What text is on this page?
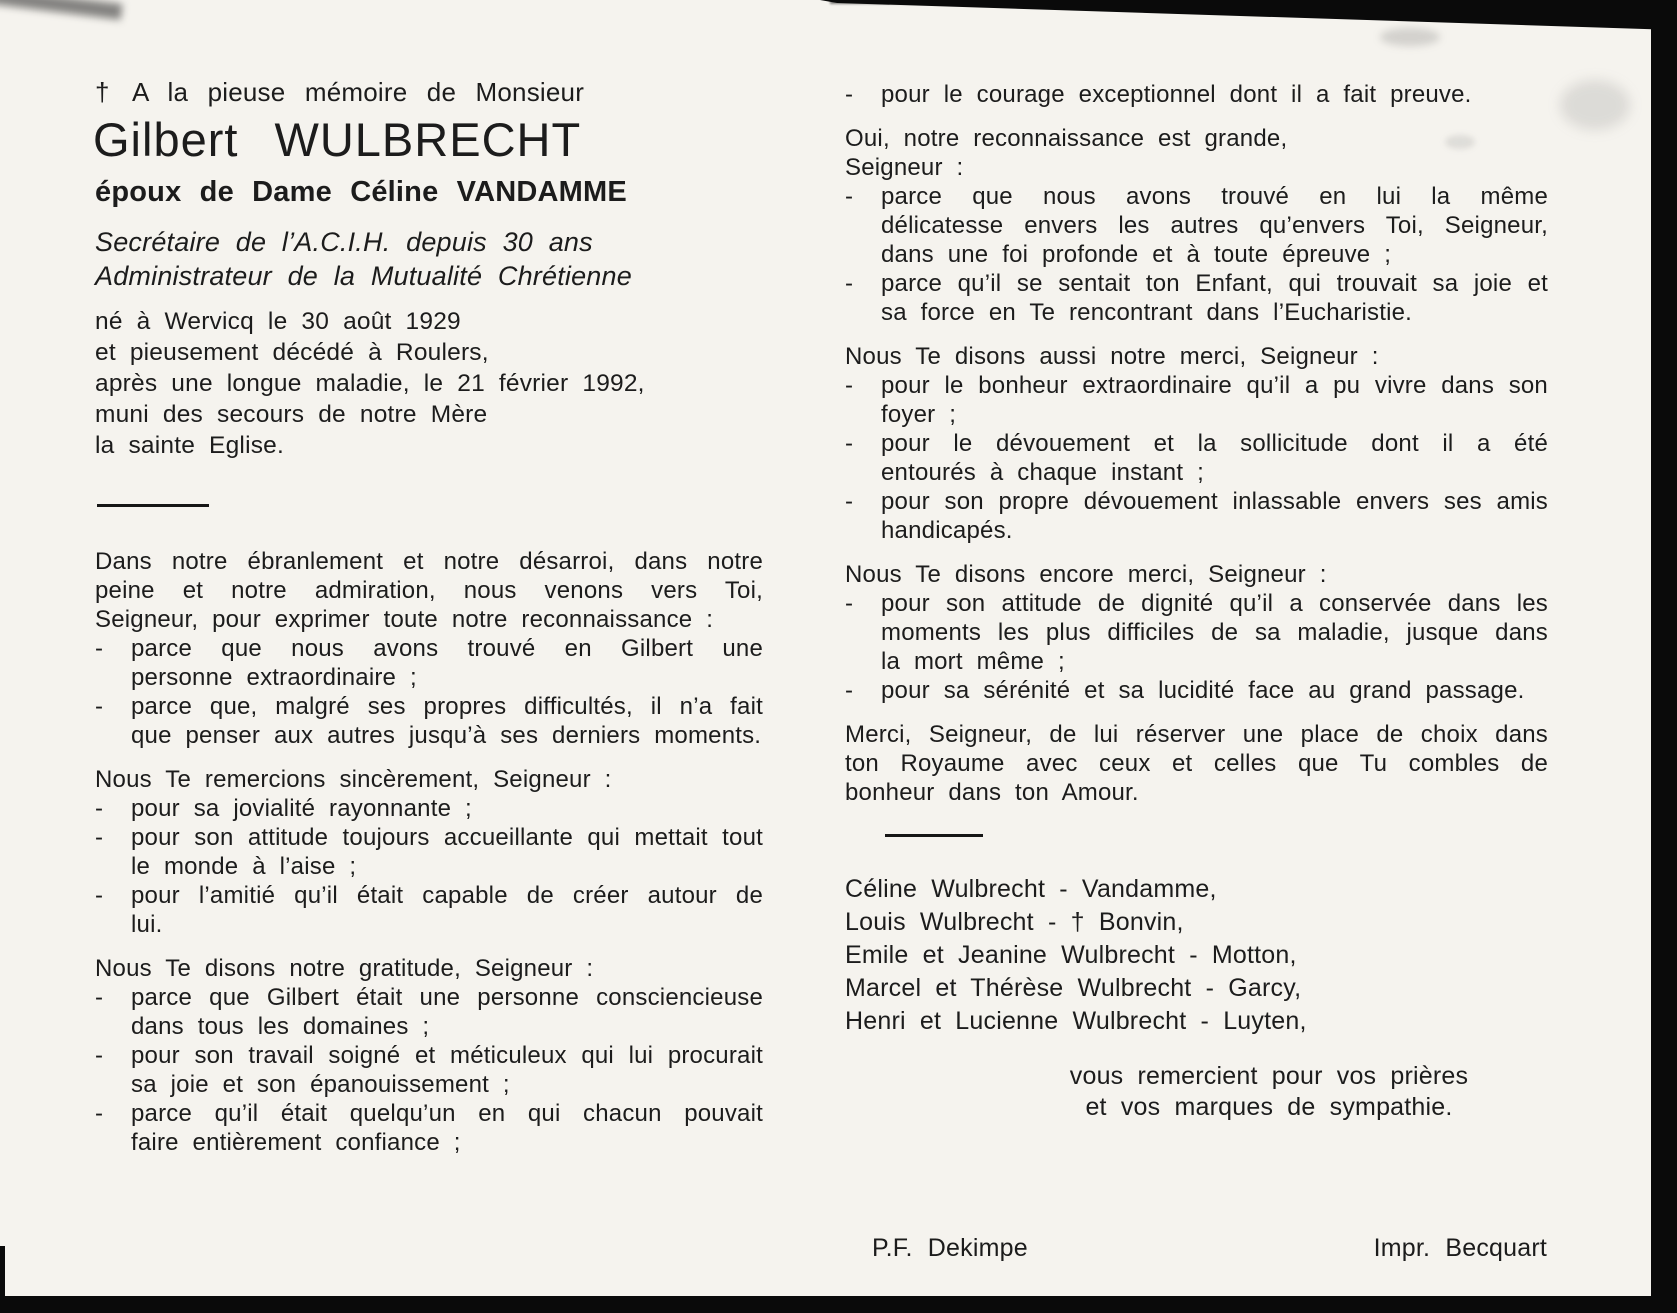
† A la pieuse mémoire de Monsieur
Gilbert WULBRECHT
époux de Dame Céline VANDAMME
Secrétaire de l’A.C.I.H. depuis 30 ans
Administrateur de la Mutualité Chrétienne
né à Wervicq le 30 août 1929
et pieusement décédé à Roulers,
après une longue maladie, le 21 février 1992,
muni des secours de notre Mère
la sainte Eglise.

Dans notre ébranlement et notre désarroi, dans notre peine et notre admiration, nous venons vers Toi, Seigneur, pour exprimer toute notre reconnaissance :

-	parce que nous avons trouvé en Gilbert une personne extraordinaire ;
-	parce que, malgré ses propres difficultés, il n’a fait que penser aux autres jusqu’à ses derniers moments.

Nous Te remercions sincèrement, Seigneur :

-	pour sa jovialité rayonnante ;
-	pour son attitude toujours accueillante qui mettait tout le monde à l’aise ;
-	pour l’amitié qu’il était capable de créer autour de lui.

Nous Te disons notre gratitude, Seigneur :

-	parce que Gilbert était une personne consciencieuse dans tous les domaines ;
-	pour son travail soigné et méticuleux qui lui procurait sa joie et son épanouissement ;
-	parce qu’il était quelqu’un en qui chacun pouvait faire entièrement confiance ;
-	pour le courage exceptionnel dont il a fait preuve.
Oui, notre reconnaissance est grande,
Seigneur :
-	parce que nous avons trouvé en lui la même délicatesse envers les autres qu’envers Toi, Seigneur, dans une foi profonde et à toute épreuve ;
-	parce qu’il se sentait ton Enfant, qui trouvait sa joie et sa force en Te rencontrant dans l’Eucharistie.

Nous Te disons aussi notre merci, Seigneur :

-	pour le bonheur extraordinaire qu’il a pu vivre dans son foyer ;
-	pour le dévouement et la sollicitude dont il a été entourés à chaque instant ;
-	pour son propre dévouement inlassable envers ses amis handicapés.

Nous Te disons encore merci, Seigneur :

-	pour son attitude de dignité qu’il a conservée dans les moments les plus difficiles de sa maladie, jusque dans la mort même ;
-	pour sa sérénité et sa lucidité face au grand passage.

Merci, Seigneur, de lui réserver une place de choix dans ton Royaume avec ceux et celles que Tu combles de bonheur dans ton Amour.

Céline Wulbrecht - Vandamme,
Louis Wulbrecht - † Bonvin,
Emile et Jeanine Wulbrecht - Motton,
Marcel et Thérèse Wulbrecht - Garcy,
Henri et Lucienne Wulbrecht - Luyten,
vous remercient pour vos prières
et vos marques de sympathie.
P.F. Dekimpe	Impr. Becquart
